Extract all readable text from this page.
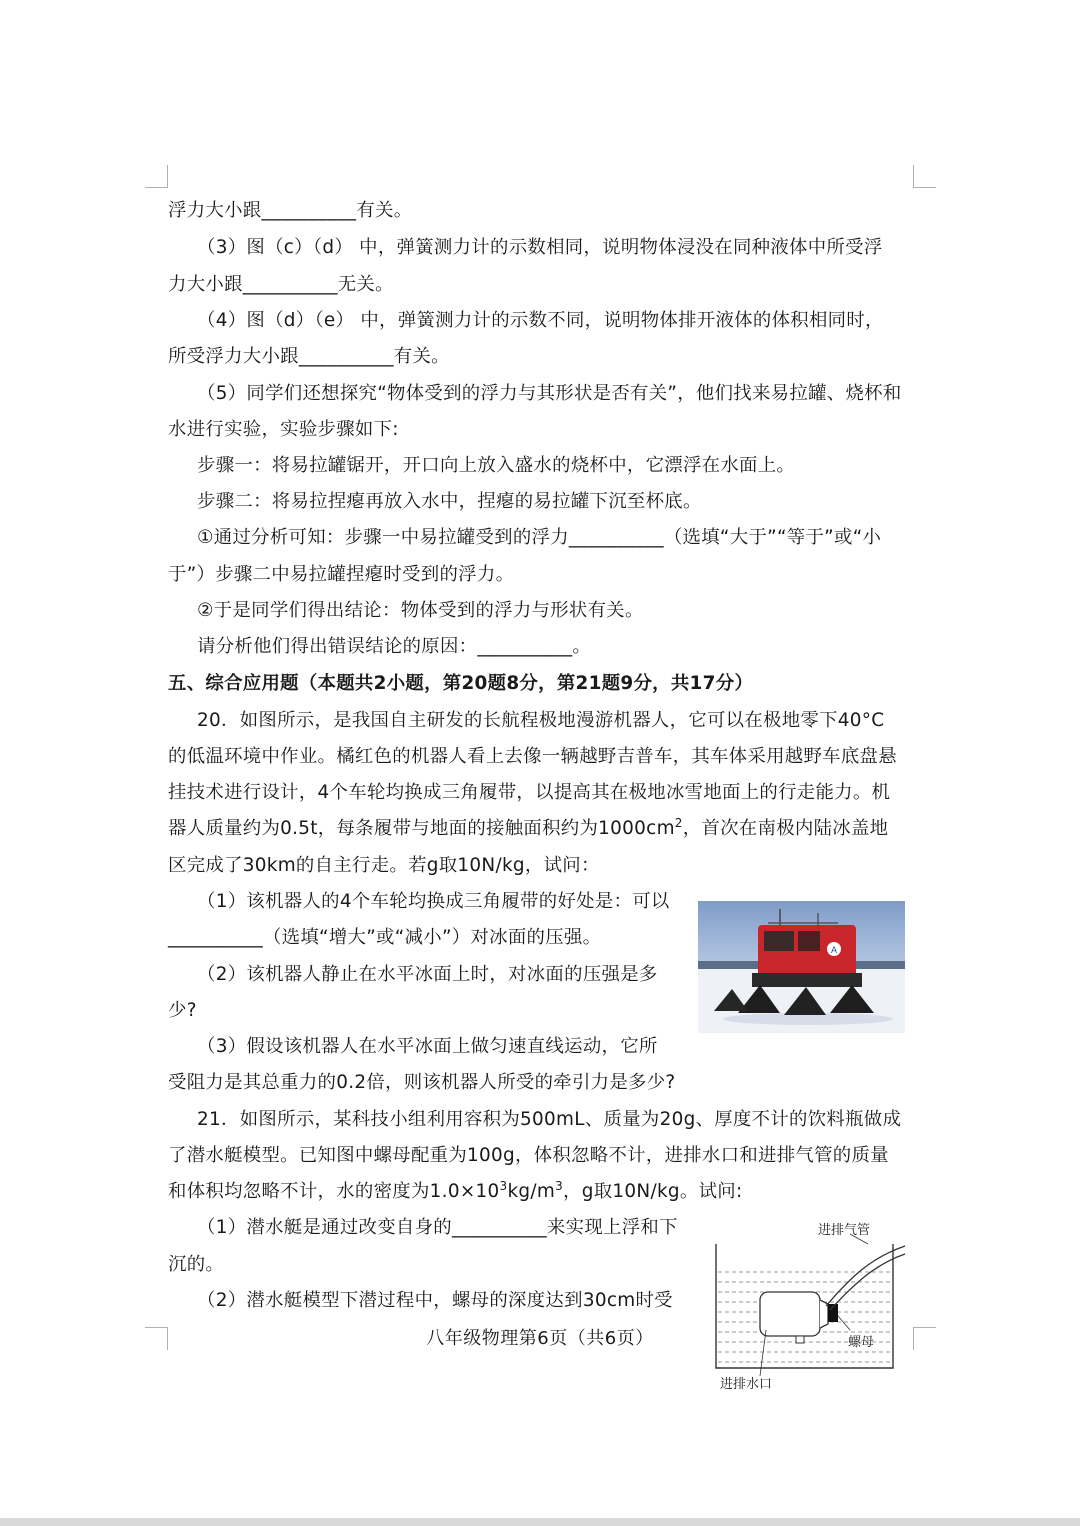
浮力大小跟__________有关。
（3）图（c）（d） 中，弹簧测力计的示数相同，说明物体浸没在同种液体中所受浮
力大小跟__________无关。
（4）图（d）（e） 中，弹簧测力计的示数不同，说明物体排开液体的体积相同时，
所受浮力大小跟__________有关。
（5）同学们还想探究“物体受到的浮力与其形状是否有关”，他们找来易拉罐、烧杯和
水进行实验，实验步骤如下:
步骤一：将易拉罐锯开，开口向上放入盛水的烧杯中，它漂浮在水面上。
步骤二：将易拉捏瘪再放入水中，捏瘪的易拉罐下沉至杯底。
①通过分析可知：步骤一中易拉罐受到的浮力__________（选填“大于”“等于”或“小
于”）步骤二中易拉罐捏瘪时受到的浮力。
②于是同学们得出结论：物体受到的浮力与形状有关。
请分析他们得出错误结论的原因：__________。
五、综合应用题（本题共2小题，第20题8分，第21题9分，共17分）
20．如图所示，是我国自主研发的长航程极地漫游机器人，它可以在极地零下40°C
的低温环境中作业。橘红色的机器人看上去像一辆越野吉普车，其车体采用越野车底盘悬
挂技术进行设计，4个车轮均换成三角履带，以提高其在极地冰雪地面上的行走能力。机
器人质量约为0.5t，每条履带与地面的接触面积约为$1000cm^2$，首次在南极内陆冰盖地
区完成了30km的自主行走。若g取10N/kg，试问：
（1）该机器人的4个车轮均换成三角履带的好处是：可以
__________（选填“增大”或“减小”）对冰面的压强。
（2）该机器人静止在水平冰面上时，对冰面的压强是多
少?
（3）假设该机器人在水平冰面上做匀速直线运动，它所
受阻力是其总重力的0.2倍，则该机器人所受的牵引力是多少?
21．如图所示，某科技小组利用容积为500mL、质量为20g、厚度不计的饮料瓶做成
了潜水艇模型。已知图中螺母配重为100g，体积忽略不计，进排水口和进排气管的质量
和体积均忽略不计，水的密度为$1.0\times 10^3kg/m^3$，g取10N/kg。试问:
（1）潜水艇是通过改变自身的__________来实现上浮和下
沉的。
（2）潜水艇模型下潜过程中，螺母的深度达到30cm时受
A
进排气管
螺母
进排水口
八年级物理第6页（共6页）
